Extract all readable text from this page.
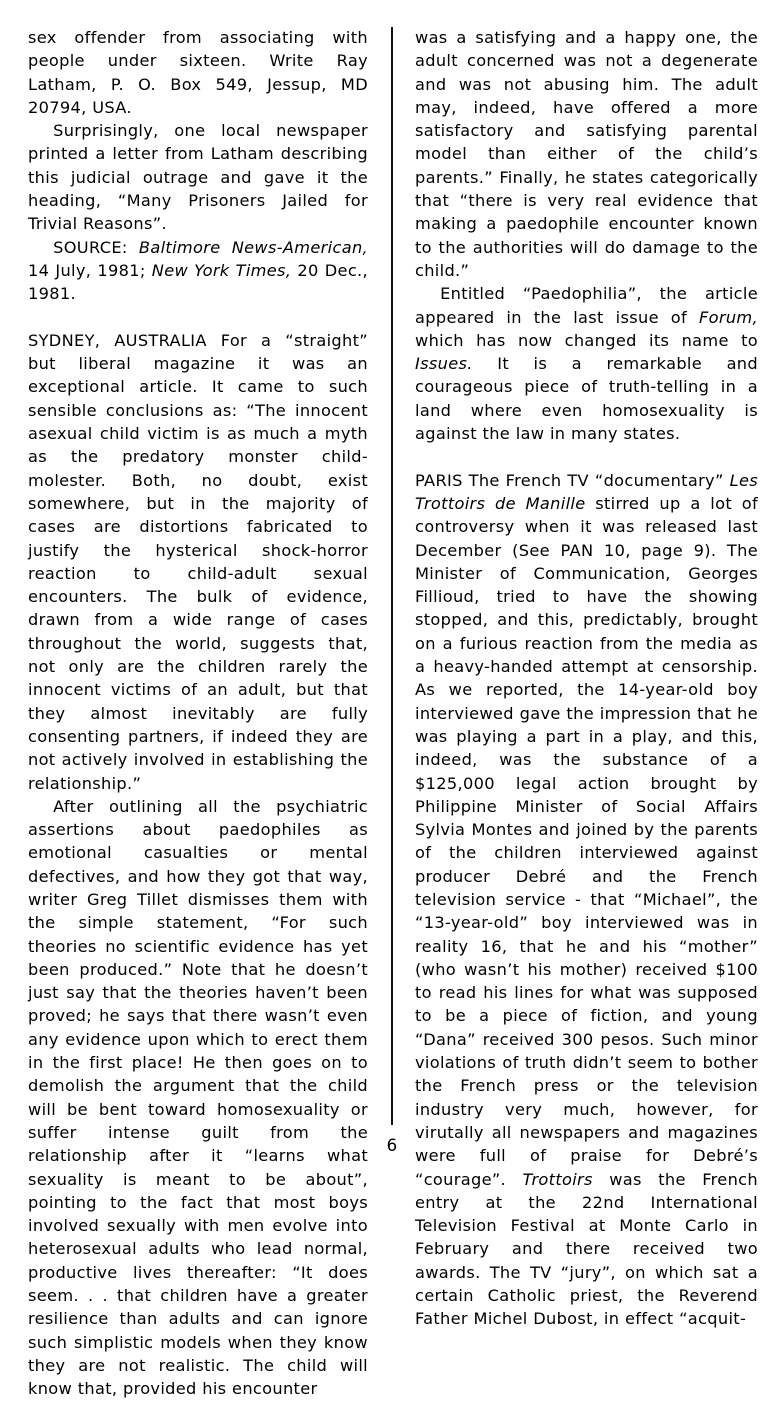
sex offender from associating with people under sixteen. Write Ray Latham, P. O. Box 549, Jessup, MD 20794, USA.

Surprisingly, one local newspaper printed a letter from Latham describing this judicial outrage and gave it the heading, “Many Prisoners Jailed for Trivial Reasons”.

SOURCE: Baltimore News-American, 14 July, 1981; New York Times, 20 Dec., 1981.

SYDNEY, AUSTRALIA For a “straight” but liberal magazine it was an exceptional article. It came to such sensible conclusions as: “The innocent asexual child victim is as much a myth as the predatory monster child-molester. Both, no doubt, exist somewhere, but in the majority of cases are distortions fabricated to justify the hysterical shock-horror reaction to child-adult sexual encounters. The bulk of evidence, drawn from a wide range of cases throughout the world, suggests that, not only are the children rarely the innocent victims of an adult, but that they almost inevitably are fully consenting partners, if indeed they are not actively involved in establishing the relationship.”

After outlining all the psychiatric assertions about paedophiles as emotional casualties or mental defectives, and how they got that way, writer Greg Tillet dismisses them with the simple statement, “For such theories no scientific evidence has yet been produced.” Note that he doesn’t just say that the theories haven’t been proved; he says that there wasn’t even any evidence upon which to erect them in the first place! He then goes on to demolish the argument that the child will be bent toward homosexuality or suffer intense guilt from the relationship after it “learns what sexuality is meant to be about”, pointing to the fact that most boys involved sexually with men evolve into heterosexual adults who lead normal, productive lives thereafter: “It does seem. . . that children have a greater resilience than adults and can ignore such simplistic models when they know they are not realistic. The child will know that, provided his encounter

was a satisfying and a happy one, the adult concerned was not a degenerate and was not abusing him. The adult may, indeed, have offered a more satisfactory and satisfying parental model than either of the child’s parents.” Finally, he states categorically that “there is very real evidence that making a paedophile encounter known to the authorities will do damage to the child.”

Entitled “Paedophilia”, the article appeared in the last issue of Forum, which has now changed its name to Issues. It is a remarkable and courageous piece of truth-telling in a land where even homosexuality is against the law in many states.

PARIS The French TV “documentary” Les Trottoirs de Manille stirred up a lot of controversy when it was released last December (See PAN 10, page 9). The Minister of Communication, Georges Fillioud, tried to have the showing stopped, and this, predictably, brought on a furious reaction from the media as a heavy-handed attempt at censorship. As we reported, the 14-year-old boy interviewed gave the impression that he was playing a part in a play, and this, indeed, was the substance of a $125,000 legal action brought by Philippine Minister of Social Affairs Sylvia Montes and joined by the parents of the children interviewed against producer Debré and the French television service - that “Michael”, the “13-year-old” boy interviewed was in reality 16, that he and his “mother” (who wasn’t his mother) received $100 to read his lines for what was supposed to be a piece of fiction, and young “Dana” received 300 pesos. Such minor violations of truth didn’t seem to bother the French press or the television industry very much, however, for virutally all newspapers and magazines were full of praise for Debré’s “courage”. Trottoirs was the French entry at the 22nd International Television Festival at Monte Carlo in February and there received two awards. The TV “jury”, on which sat a certain Catholic priest, the Reverend Father Michel Dubost, in effect “acquit-

6
